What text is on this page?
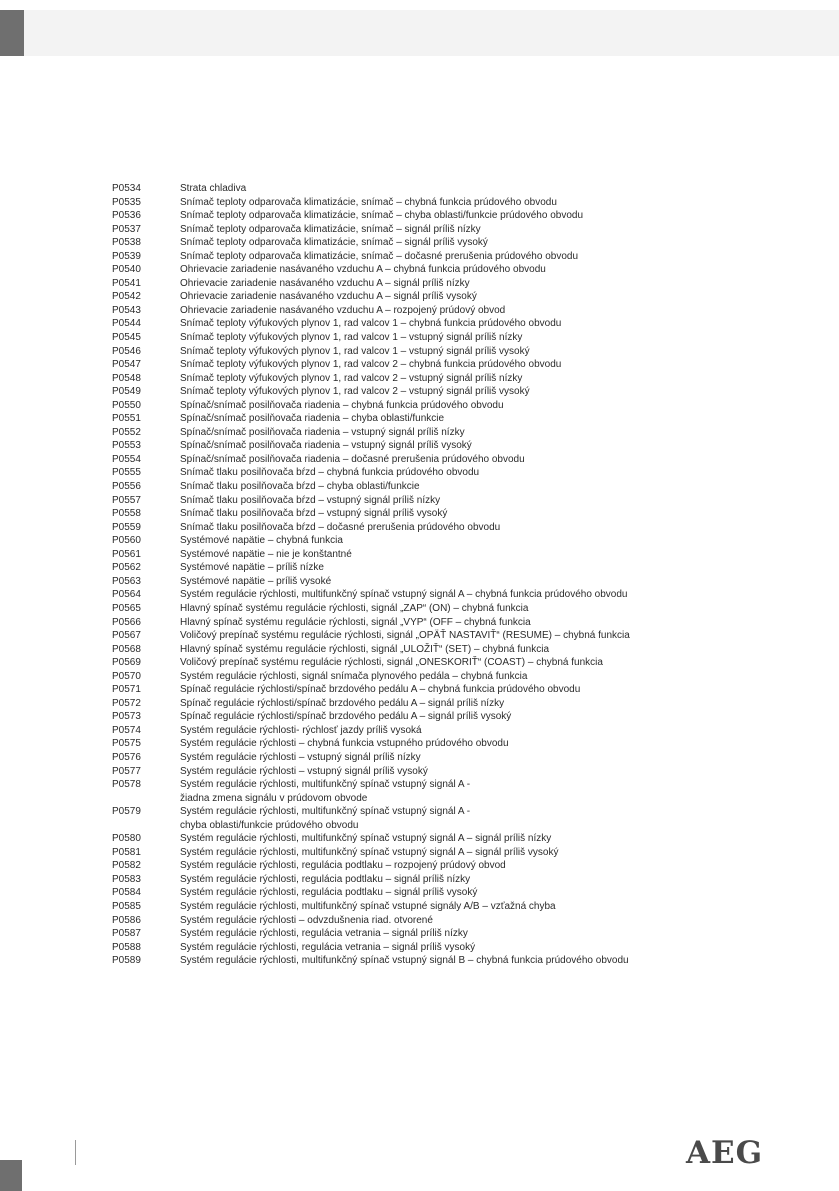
P0534	Strata chladiva
P0535	Snímač teploty odparovača klimatizácie, snímač – chybná funkcia prúdového obvodu
P0536	Snímač teploty odparovača klimatizácie, snímač – chyba oblasti/funkcie prúdového obvodu
P0537	Snímač teploty odparovača klimatizácie, snímač – signál príliš nízky
P0538	Snímač teploty odparovača klimatizácie, snímač – signál príliš vysoký
P0539	Snímač teploty odparovača klimatizácie, snímač – dočasné prerušenia prúdového obvodu
P0540	Ohrievacie zariadenie nasávaného vzduchu A – chybná funkcia prúdového obvodu
P0541	Ohrievacie zariadenie nasávaného vzduchu A – signál príliš nízky
P0542	Ohrievacie zariadenie nasávaného vzduchu A – signál príliš vysoký
P0543	Ohrievacie zariadenie nasávaného vzduchu A – rozpojený prúdový obvod
P0544	Snímač teploty výfukových plynov 1, rad valcov 1 – chybná funkcia prúdového obvodu
P0545	Snímač teploty výfukových plynov 1, rad valcov 1 – vstupný signál príliš nízky
P0546	Snímač teploty výfukových plynov 1, rad valcov 1 – vstupný signál príliš vysoký
P0547	Snímač teploty výfukových plynov 1, rad valcov 2 – chybná funkcia prúdového obvodu
P0548	Snímač teploty výfukových plynov 1, rad valcov 2 – vstupný signál príliš nízky
P0549	Snímač teploty výfukových plynov 1, rad valcov 2 – vstupný signál príliš vysoký
P0550	Spínač/snímač posilňovača riadenia – chybná funkcia prúdového obvodu
P0551	Spínač/snímač posilňovača riadenia – chyba oblasti/funkcie
P0552	Spínač/snímač posilňovača riadenia – vstupný signál príliš nízky
P0553	Spínač/snímač posilňovača riadenia – vstupný signál príliš vysoký
P0554	Spínač/snímač posilňovača riadenia – dočasné prerušenia prúdového obvodu
P0555	Snímač tlaku posilňovača bŕzd – chybná funkcia prúdového obvodu
P0556	Snímač tlaku posilňovača bŕzd – chyba oblasti/funkcie
P0557	Snímač tlaku posilňovača bŕzd – vstupný signál príliš nízky
P0558	Snímač tlaku posilňovača bŕzd – vstupný signál príliš vysoký
P0559	Snímač tlaku posilňovača bŕzd – dočasné prerušenia prúdového obvodu
P0560	Systémové napätie – chybná funkcia
P0561	Systémové napätie – nie je konštantné
P0562	Systémové napätie – príliš nízke
P0563	Systémové napätie – príliš vysoké
P0564	Systém regulácie rýchlosti, multifunkčný spínač vstupný signál A – chybná funkcia prúdového obvodu
P0565	Hlavný spínač systému regulácie rýchlosti, signál „ZAP“ (ON) – chybná funkcia
P0566	Hlavný spínač systému regulácie rýchlosti, signál „VYP“ (OFF – chybná funkcia
P0567	Voličový prepínač systému regulácie rýchlosti, signál „OPÄŤ NASTAVIŤ“ (RESUME) – chybná funkcia
P0568	Hlavný spínač systému regulácie rýchlosti, signál „ULOŽIŤ“ (SET) – chybná funkcia
P0569	Voličový prepínač systému regulácie rýchlosti, signál „ONESKORIŤ“ (COAST) – chybná funkcia
P0570	Systém regulácie rýchlosti, signál snímača plynového pedála – chybná funkcia
P0571	Spínač regulácie rýchlosti/spínač brzdového pedálu A – chybná funkcia prúdového obvodu
P0572	Spínač regulácie rýchlosti/spínač brzdového pedálu A – signál príliš nízky
P0573	Spínač regulácie rýchlosti/spínač brzdového pedálu A – signál príliš vysoký
P0574	Systém regulácie rýchlosti- rýchlosť jazdy príliš vysoká
P0575	Systém regulácie rýchlosti – chybná funkcia vstupného prúdového obvodu
P0576	Systém regulácie rýchlosti – vstupný signál príliš nízky
P0577	Systém regulácie rýchlosti – vstupný signál príliš vysoký
P0578	Systém regulácie rýchlosti, multifunkčný spínač vstupný signál A -
žiadna zmena signálu v prúdovom obvode
P0579	Systém regulácie rýchlosti, multifunkčný spínač vstupný signál A -
chyba oblasti/funkcie prúdového obvodu
P0580	Systém regulácie rýchlosti, multifunkčný spínač vstupný signál A – signál príliš nízky
P0581	Systém regulácie rýchlosti, multifunkčný spínač vstupný signál A – signál príliš vysoký
P0582	Systém regulácie rýchlosti, regulácia podtlaku – rozpojený prúdový obvod
P0583	Systém regulácie rýchlosti, regulácia podtlaku – signál príliš nízky
P0584	Systém regulácie rýchlosti, regulácia podtlaku – signál príliš vysoký
P0585	Systém regulácie rýchlosti, multifunkčný spínač vstupné signály A/B – vzťažná chyba
P0586	Systém regulácie rýchlosti – odvzdušnenia riad. otvorené
P0587	Systém regulácie rýchlosti, regulácia vetrania – signál príliš nízky
P0588	Systém regulácie rýchlosti, regulácia vetrania – signál príliš vysoký
P0589	Systém regulácie rýchlosti, multifunkčný spínač vstupný signál B – chybná funkcia prúdového obvodu
AEG
